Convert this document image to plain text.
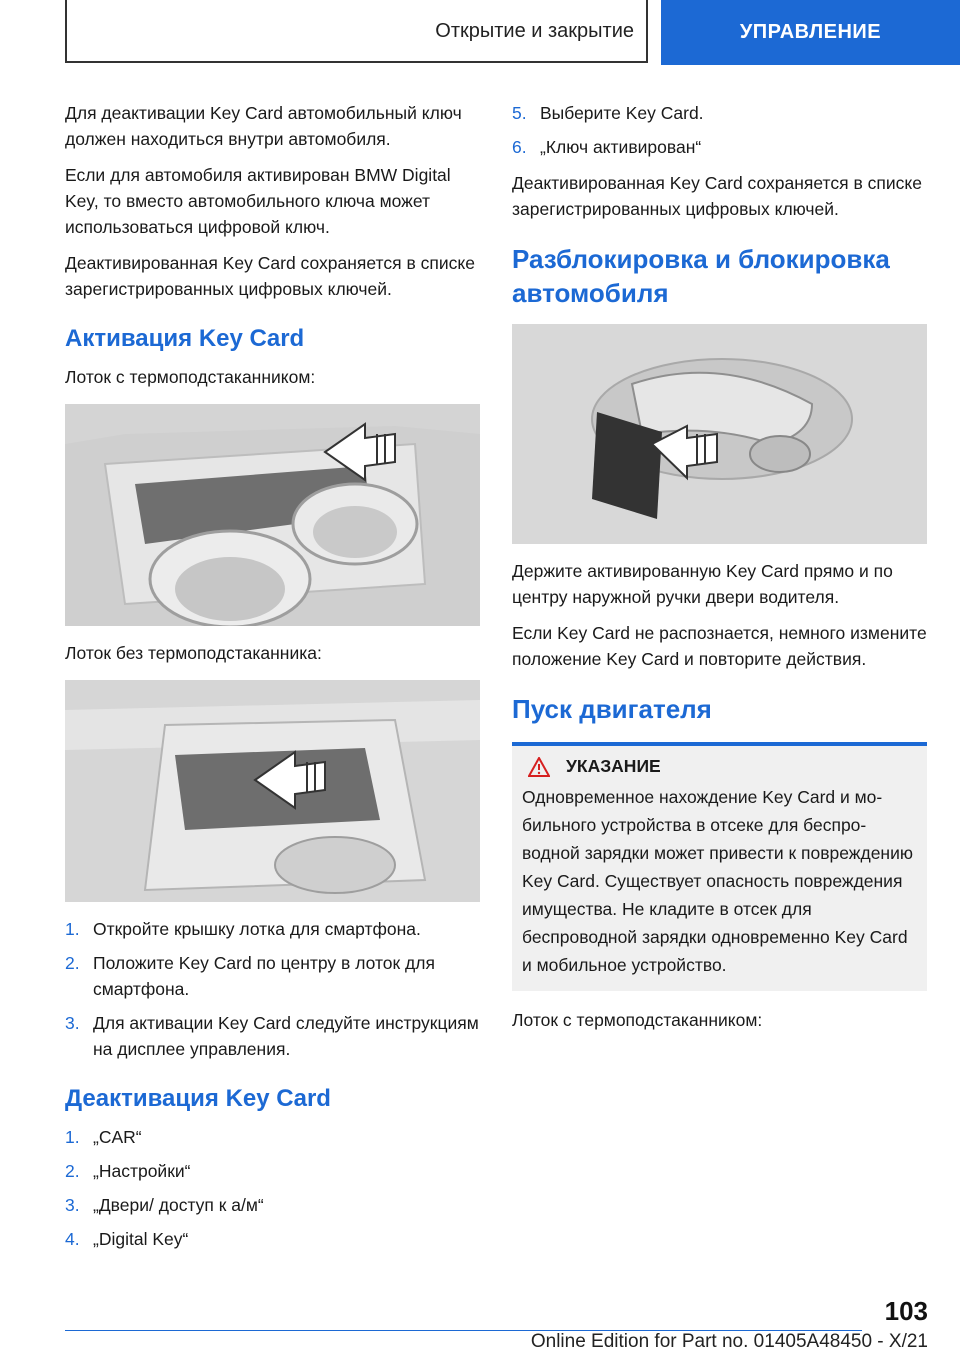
Открытие и закрытие	УПРАВЛЕНИЕ

Для деактивации Key Card автомобильный ключ должен находиться внутри автомобиля.

Если для автомобиля активирован BMW Digital Key, то вместо автомобильного ключа может использоваться цифровой ключ.

Деактивированная Key Card сохраняется в списке зарегистрированных цифровых ключей.

Активация Key Card

Лоток с термоподстаканником:

Лоток без термоподстаканника:

1. Откройте крышку лотка для смартфона.
2. Положите Key Card по центру в лоток для смартфона.
3. Для активации Key Card следуйте инструкциям на дисплее управления.
Деактивация Key Card
1. „CAR“
2. „Настройки“
3. „Двери/ доступ к а/м“
4. „Digital Key“
5. Выберите Key Card.
6. „Ключ активирован“

Деактивированная Key Card сохраняется в списке зарегистрированных цифровых ключей.

Разблокировка и блокировка автомобиля

Держите активированную Key Card прямо и по центру наружной ручки двери водителя.

Если Key Card не распознается, немного измените положение Key Card и повторите действия.

Пуск двигателя
УКАЗАНИЕ

Одновременное нахождение Key Card и мобильного устройства в отсеке для беспроводной зарядки может привести к повреждению Key Card. Существует опасность повреждения имущества. Не кладите в отсек для беспроводной зарядки одновременно Key Card и мобильное устройство.

Лоток с термоподстаканником:

103
Online Edition for Part no. 01405A48450 - X/21
